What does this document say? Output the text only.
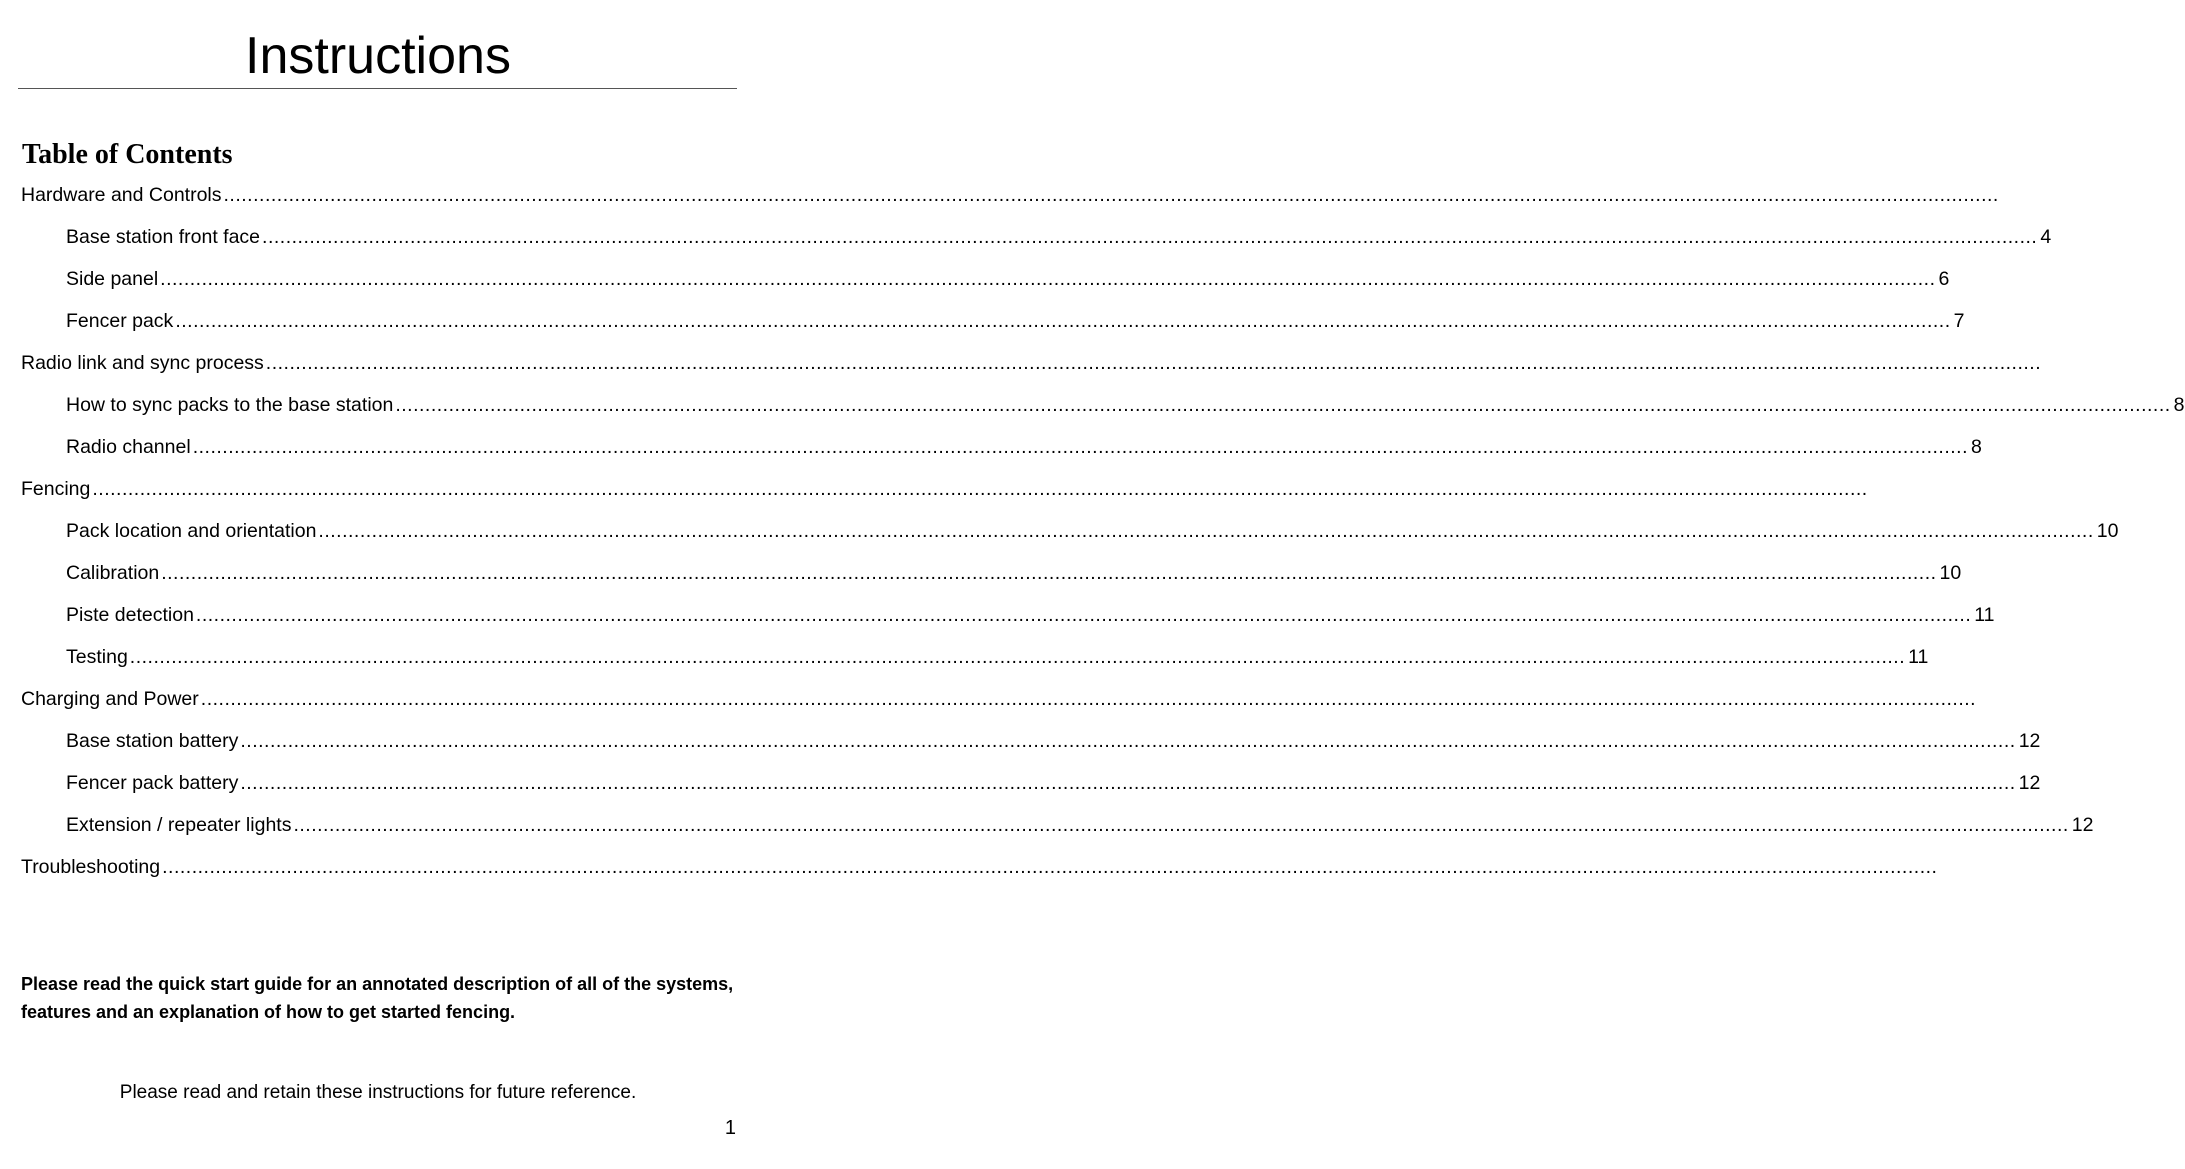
Instructions
Table of Contents
Hardware and Controls ............................................................................................................................................................................................................................................................................................................
Base station front face ............................................................................................................................................................................................................................................................................................................ 4
Side panel ............................................................................................................................................................................................................................................................................................................ 6
Fencer pack ............................................................................................................................................................................................................................................................................................................ 7
Radio link and sync process ............................................................................................................................................................................................................................................................................................................
How to sync packs to the base station ............................................................................................................................................................................................................................................................................................................ 8
Radio channel ............................................................................................................................................................................................................................................................................................................ 8
Fencing ............................................................................................................................................................................................................................................................................................................
Pack location and orientation ............................................................................................................................................................................................................................................................................................................ 10
Calibration ............................................................................................................................................................................................................................................................................................................ 10
Piste detection ............................................................................................................................................................................................................................................................................................................ 11
Testing ............................................................................................................................................................................................................................................................................................................ 11
Charging and Power ............................................................................................................................................................................................................................................................................................................
Base station battery ............................................................................................................................................................................................................................................................................................................ 12
Fencer pack battery ............................................................................................................................................................................................................................................................................................................ 12
Extension / repeater lights ............................................................................................................................................................................................................................................................................................................ 12
Troubleshooting ............................................................................................................................................................................................................................................................................................................

Please read the quick start guide for an annotated description of all of the systems, features and an explanation of how to get started fencing.

Please read and retain these instructions for future reference.

1
